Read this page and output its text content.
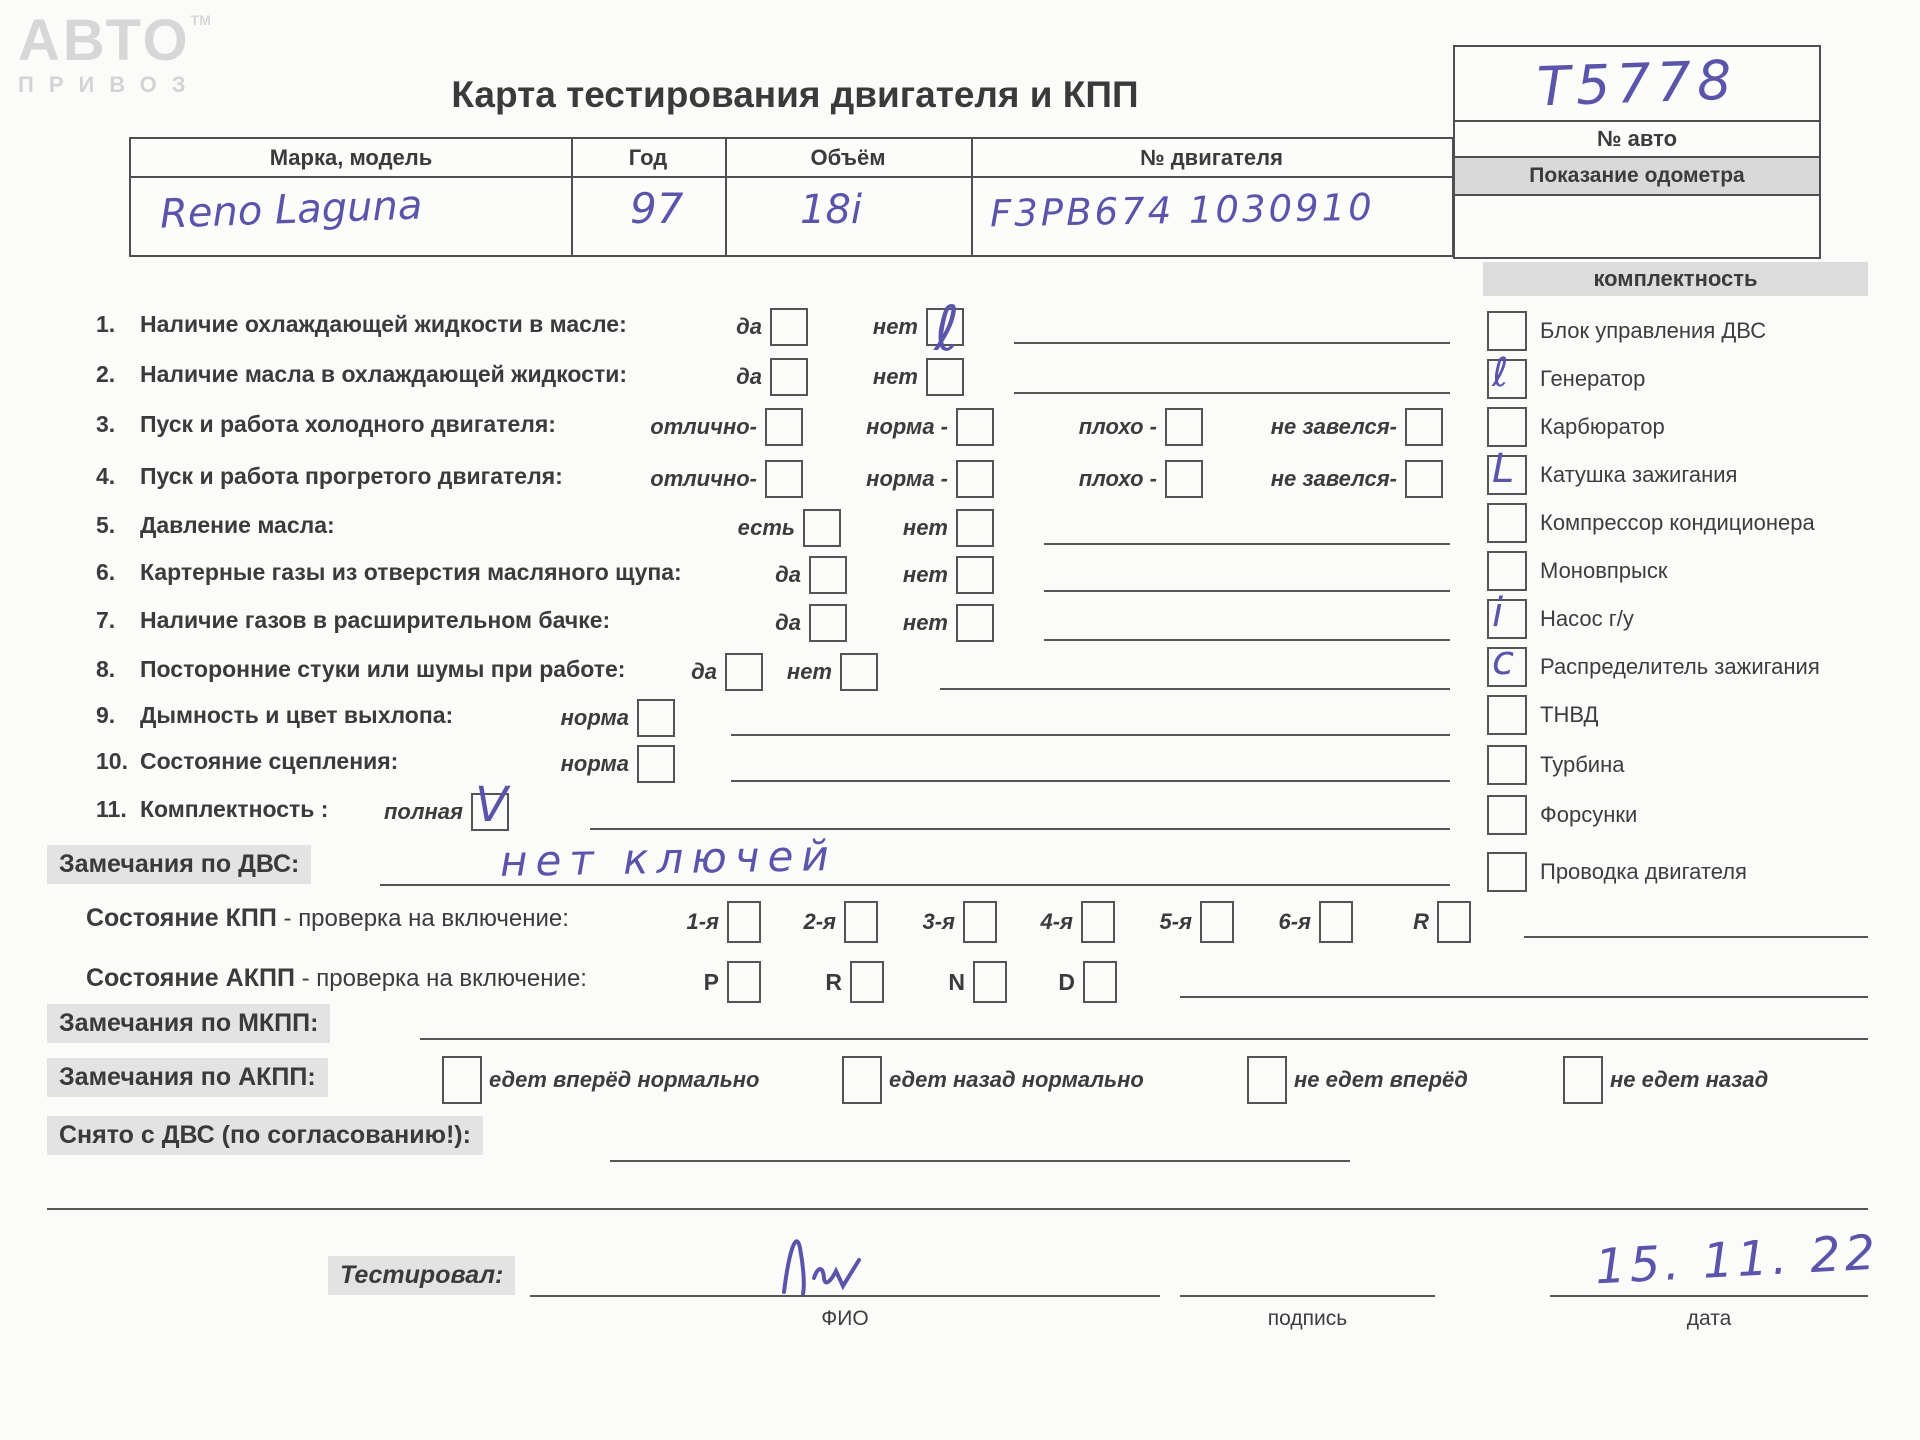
АВТОТМ
ПРИВОЗ	Карта тестирования двигателя и КПП	Т5778
№ авто
Показание одометра
Марка, модель	Год	Объём	№ двигателя
Reno Laguna	97	18i	F3PB674 1030910
1. Наличие охлаждающей жидкости в масле:	да	нет ℓ
2. Наличие масла в охлаждающей жидкости:	да	нет
3. Пуск и работа холодного двигателя:	отлично-	норма -	плохо -	не завелся-
4. Пуск и работа прогретого двигателя:	отлично-	норма -	плохо -	не завелся-
5. Давление масла:	есть	нет
6. Картерные газы из отверстия масляного щупа:	да	нет
7. Наличие газов в расширительном бачке:	да	нет
8. Посторонние стуки или шумы при работе:	да	нет
9. Дымность и цвет выхлопа:	норма
10. Состояние сцепления:	норма
11. Комплектность :	полная V
комплектность
Блок управления ДВС
ℓ Генератор
Карбюратор
L Катушка зажигания
Компрессор кондиционера
Моновпрыск
i Насос г/у
c Распределитель зажигания
ТНВД
Турбина
Форсунки
Проводка двигателя
Замечания по ДВС:	нет ключей
Состояние КПП - проверка на включение:	1-я	2-я	3-я	4-я	5-я	6-я	R
Состояние АКПП - проверка на включение:	P	R	N	D
Замечания по МКПП:
Замечания по АКПП:	едет вперёд нормально	едет назад нормально	не едет вперёд	не едет назад
Снято с ДВС (по согласованию!):
Тестировал:
ФИО	подпись
15. 11. 22
дата
